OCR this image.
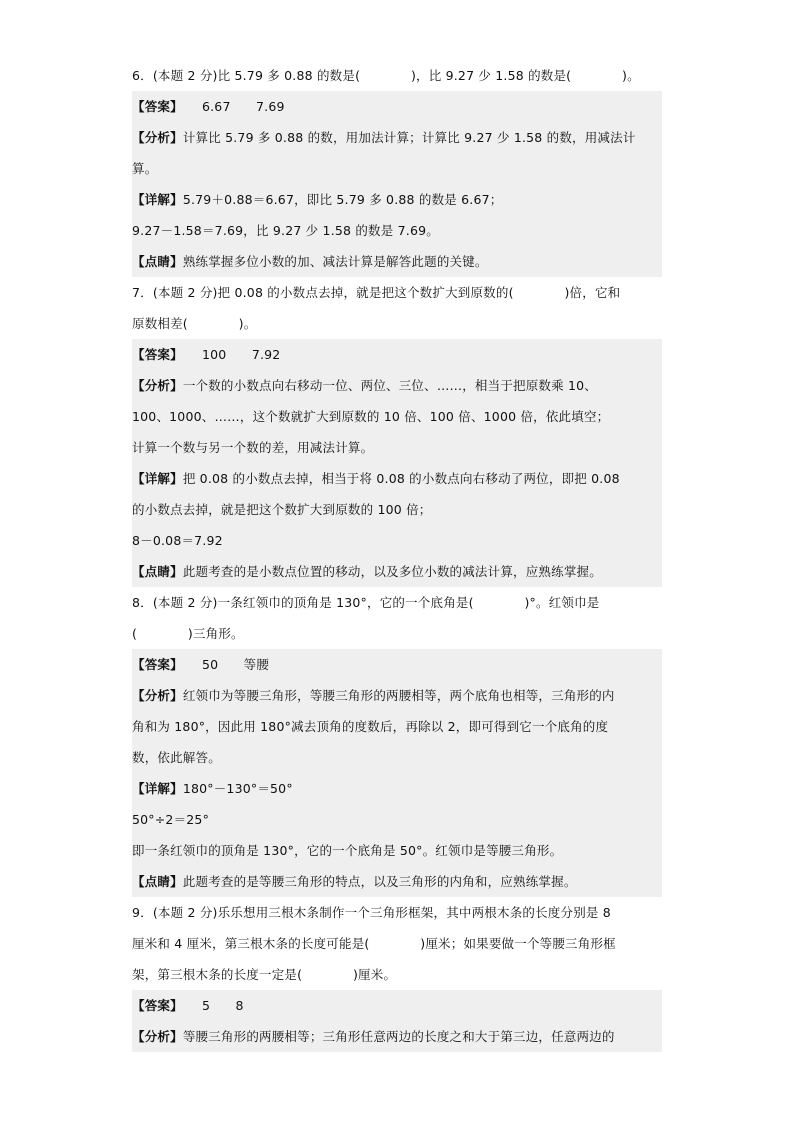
6．(本题 2 分)比 5.79 多 0.88 的数是(　　　　)，比 9.27 少 1.58 的数是(　　　　)。
【答案】　　6.67　　7.69
【分析】计算比 5.79 多 0.88 的数，用加法计算；计算比 9.27 少 1.58 的数，用减法计
算。
【详解】5.79＋0.88＝6.67，即比 5.79 多 0.88 的数是 6.67；
9.27－1.58＝7.69，比 9.27 少 1.58 的数是 7.69。
【点睛】熟练掌握多位小数的加、减法计算是解答此题的关键。
7．(本题 2 分)把 0.08 的小数点去掉，就是把这个数扩大到原数的(　　　　)倍，它和
原数相差(　　　　)。
【答案】　　100　　7.92
【分析】一个数的小数点向右移动一位、两位、三位、……，相当于把原数乘 10、
100、1000、……，这个数就扩大到原数的 10 倍、100 倍、1000 倍，依此填空；
计算一个数与另一个数的差，用减法计算。
【详解】把 0.08 的小数点去掉，相当于将 0.08 的小数点向右移动了两位，即把 0.08
的小数点去掉，就是把这个数扩大到原数的 100 倍；
8－0.08＝7.92
【点睛】此题考查的是小数点位置的移动，以及多位小数的减法计算，应熟练掌握。
8．(本题 2 分)一条红领巾的顶角是 130°，它的一个底角是(　　　　)°。红领巾是
(　　　　)三角形。
【答案】　　50　　等腰
【分析】红领巾为等腰三角形，等腰三角形的两腰相等，两个底角也相等，三角形的内
角和为 180°，因此用 180°减去顶角的度数后，再除以 2，即可得到它一个底角的度
数，依此解答。
【详解】180°－130°＝50°
50°÷2＝25°
即一条红领巾的顶角是 130°，它的一个底角是 50°。红领巾是等腰三角形。
【点睛】此题考查的是等腰三角形的特点，以及三角形的内角和，应熟练掌握。
9．(本题 2 分)乐乐想用三根木条制作一个三角形框架，其中两根木条的长度分别是 8
厘米和 4 厘米，第三根木条的长度可能是(　　　　)厘米；如果要做一个等腰三角形框
架，第三根木条的长度一定是(　　　　)厘米。
【答案】　　5　　8
【分析】等腰三角形的两腰相等；三角形任意两边的长度之和大于第三边，任意两边的
